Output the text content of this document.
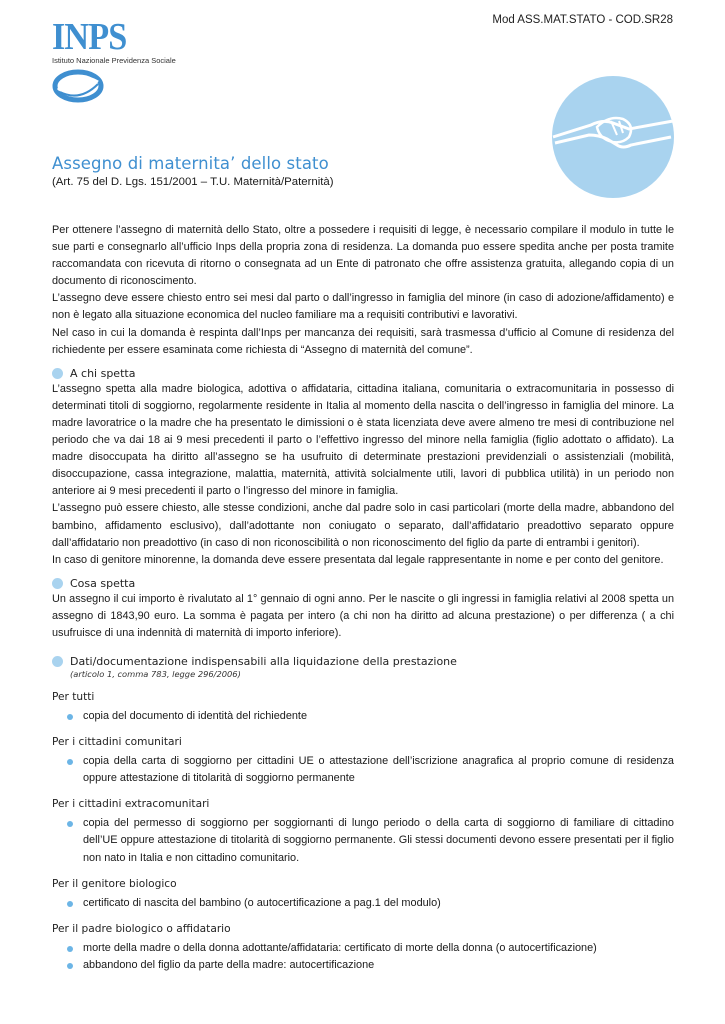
INPS
Istituto Nazionale Previdenza Sociale
Mod ASS.MAT.STATO - COD.SR28
Assegno di maternita’ dello stato
(Art. 75 del D. Lgs. 151/2001 – T.U. Maternità/Paternità)

Per ottenere l’assegno di maternità dello Stato, oltre a possedere i requisiti di legge, è necessario compilare il modulo in tutte le sue parti e consegnarlo all’ufficio Inps della propria zona di residenza. La domanda puo essere spedita anche per posta tramite raccomandata con ricevuta di ritorno o consegnata ad un Ente di patronato che offre assistenza gratuita, allegando copia di un documento di riconoscimento.

L’assegno deve essere chiesto entro sei mesi dal parto o dall’ingresso in famiglia del minore (in caso di adozione/affidamento) e non è legato alla situazione economica del nucleo familiare ma a requisiti contributivi e lavorativi.

Nel caso in cui la domanda è respinta dall’Inps per mancanza dei requisiti, sarà trasmessa d’ufficio al Comune di residenza del richiedente per essere esaminata come richiesta di “Assegno di maternità del comune”.

A chi spetta

L’assegno spetta alla madre biologica, adottiva o affidataria, cittadina italiana, comunitaria o extracomunitaria in possesso di determinati titoli di soggiorno, regolarmente residente in Italia al momento della nascita o dell’ingresso in famiglia del minore. La madre lavoratrice o la madre che ha presentato le dimissioni o è stata licenziata deve avere almeno tre mesi di contribuzione nel periodo che va dai 18 ai 9 mesi precedenti il parto o l’effettivo ingresso del minore nella famiglia (figlio adottato o affidato). La madre disoccupata ha diritto all’assegno se ha usufruito di determinate prestazioni previdenziali o assistenziali (mobilità, disoccupazione, cassa integrazione, malattia, maternità, attività solcialmente utili, lavori di pubblica utilità) in un periodo non anteriore ai 9 mesi precedenti il parto o l’ingresso del minore in famiglia.

L’assegno può essere chiesto, alle stesse condizioni, anche dal padre solo in casi particolari (morte della madre, abbandono del bambino, affidamento esclusivo), dall’adottante non coniugato o separato, dall’affidatario preadottivo separato oppure dall’affidatario non preadottivo (in caso di non riconoscibilità o non riconoscimento del figlio da parte di entrambi i genitori).

In caso di genitore minorenne, la domanda deve essere presentata dal legale rappresentante in nome e per conto del genitore.

Cosa spetta

Un assegno il cui importo è rivalutato al 1° gennaio di ogni anno. Per le nascite o gli ingressi in famiglia relativi al 2008 spetta un assegno di 1843,90 euro. La somma è pagata per intero (a chi non ha diritto ad alcuna prestazione) o per differenza ( a chi usufruisce di una indennità di maternità di importo inferiore).

Dati/documentazione indispensabili alla liquidazione della prestazione
(articolo 1, comma 783, legge 296/2006)
Per tutti
copia del documento di identità del richiedente
Per i cittadini comunitari
copia della carta di soggiorno per cittadini UE o attestazione dell’iscrizione anagrafica al proprio comune di residenza oppure attestazione di titolarità di soggiorno permanente
Per i cittadini extracomunitari
copia del permesso di soggiorno per soggiornanti di lungo periodo o della carta di soggiorno di familiare di cittadino dell’UE oppure attestazione di titolarità di soggiorno permanente. Gli stessi documenti devono essere presentati per il figlio non nato in Italia e non cittadino comunitario.
Per il genitore biologico
certificato di nascita del bambino (o autocertificazione a pag.1 del modulo)
Per il padre biologico o affidatario
morte della madre o della donna adottante/affidataria: certificato di morte della donna (o autocertificazione)
abbandono del figlio da parte della madre: autocertificazione
